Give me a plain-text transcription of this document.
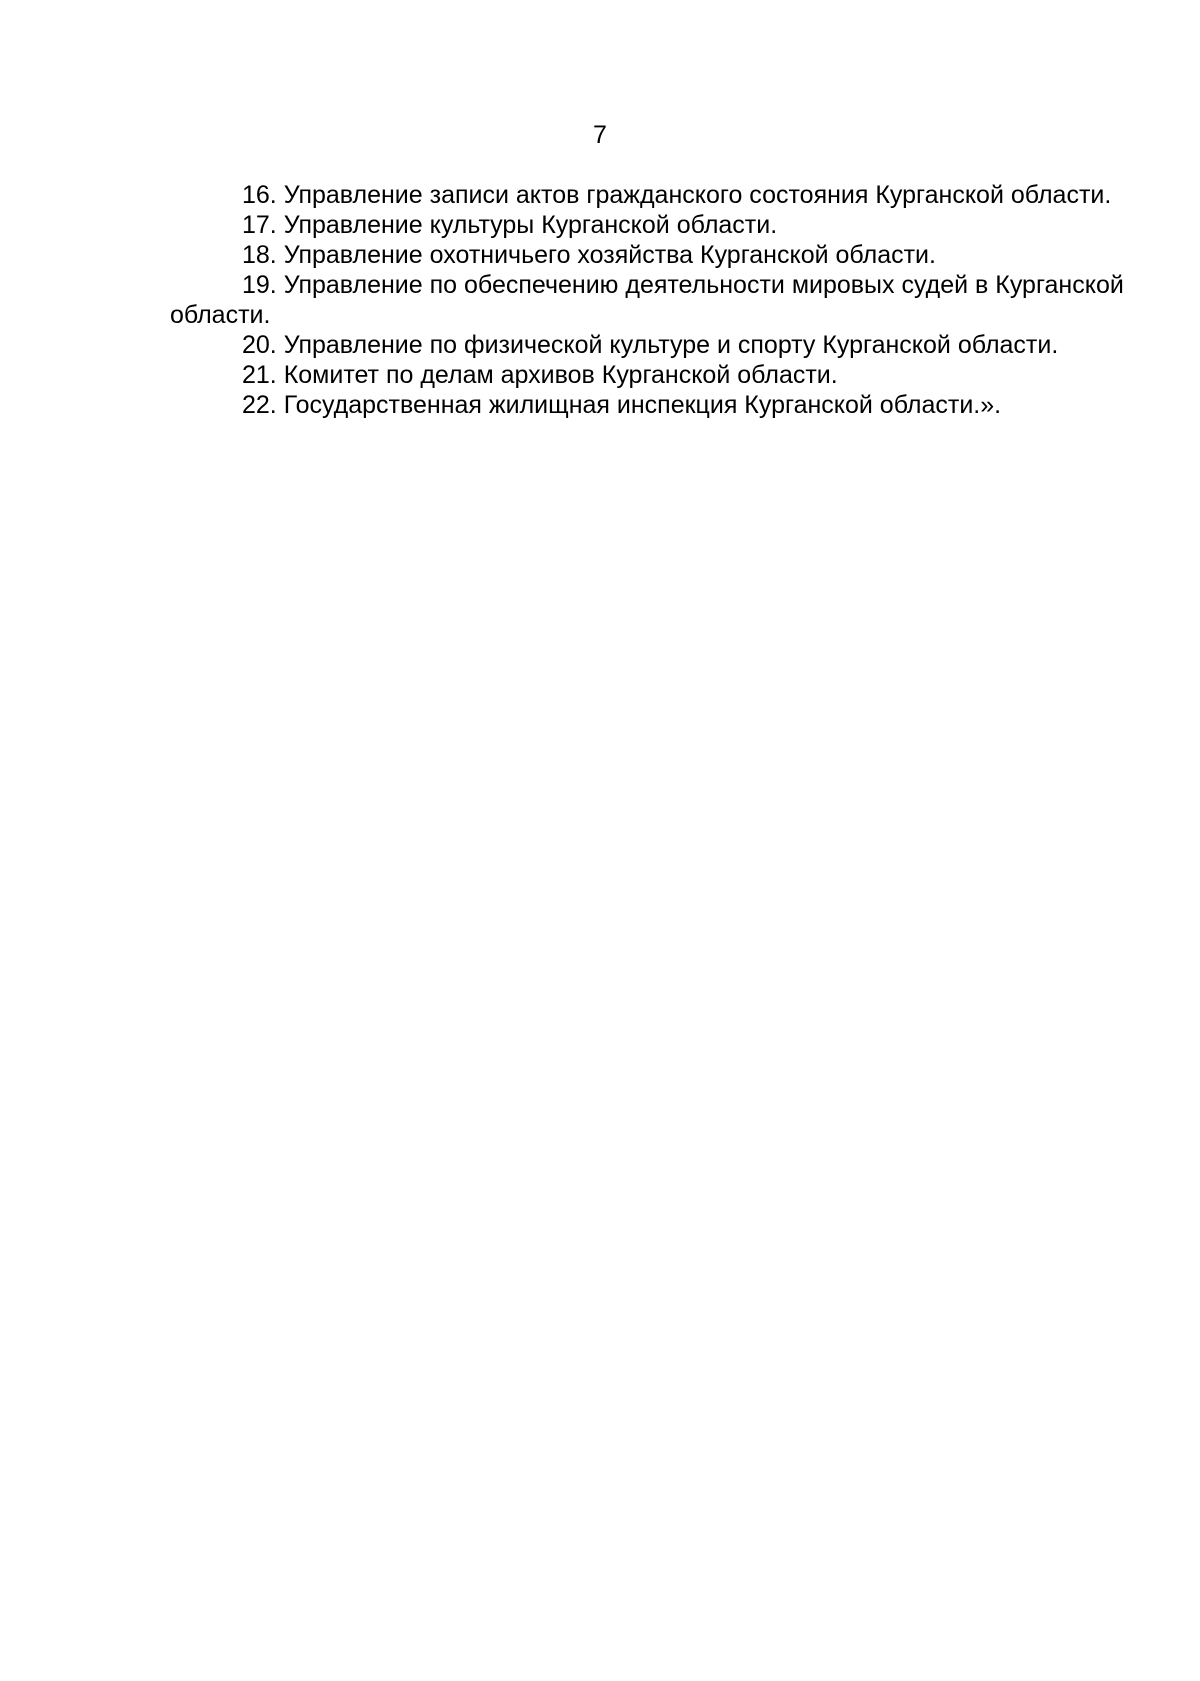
7
16. Управление записи актов гражданского состояния Курганской области.
17. Управление культуры Курганской области.
18. Управление охотничьего хозяйства Курганской области.
19. Управление по обеспечению деятельности мировых судей в Курганской области.
20. Управление по физической культуре и спорту Курганской области.
21. Комитет по делам архивов Курганской области.
22. Государственная жилищная инспекция Курганской области.».
